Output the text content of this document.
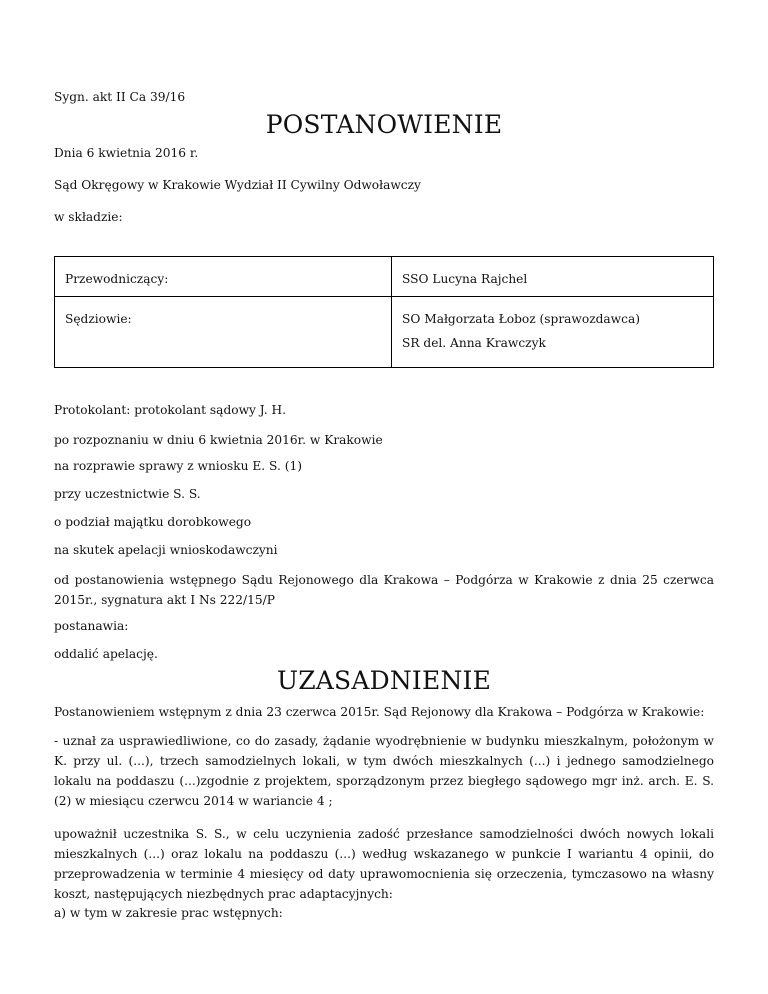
Sygn. akt II Ca 39/16
POSTANOWIENIE
Dnia 6 kwietnia 2016 r.
Sąd Okręgowy w Krakowie Wydział II Cywilny Odwoławczy
w składzie:
Przewodniczący:	SSO Lucyna Rajchel
Sędziowie:	SO Małgorzata Łoboz (sprawozdawca)
SR del. Anna Krawczyk
Protokolant: protokolant sądowy J. H.
po rozpoznaniu w dniu 6 kwietnia 2016r. w Krakowie
na rozprawie sprawy z wniosku E. S. (1)
przy uczestnictwie S. S.
o podział majątku dorobkowego
na skutek apelacji wnioskodawczyni
od postanowienia wstępnego Sądu Rejonowego dla Krakowa – Podgórza w Krakowie z dnia 25 czerwca 2015r., sygnatura akt I Ns 222/15/P
postanawia:
oddalić apelację.
UZASADNIENIE
Postanowieniem wstępnym z dnia 23 czerwca 2015r. Sąd Rejonowy dla Krakowa – Podgórza w Krakowie:
- uznał za usprawiedliwione, co do zasady, żądanie wyodrębnienie w budynku mieszkalnym, położonym w K. przy ul. (...), trzech samodzielnych lokali, w tym dwóch mieszkalnych (...) i jednego samodzielnego lokalu na poddaszu (...)zgodnie z projektem, sporządzonym przez biegłego sądowego mgr inż. arch. E. S. (2) w miesiącu czerwcu 2014 w wariancie 4 ;
upoważnił uczestnika S. S., w celu uczynienia zadość przesłance samodzielności dwóch nowych lokali mieszkalnych (...) oraz lokalu na poddaszu (...) według wskazanego w punkcie I wariantu 4 opinii, do przeprowadzenia w terminie 4 miesięcy od daty uprawomocnienia się orzeczenia, tymczasowo na własny koszt, następujących niezbędnych prac adaptacyjnych:
a) w tym w zakresie prac wstępnych:
